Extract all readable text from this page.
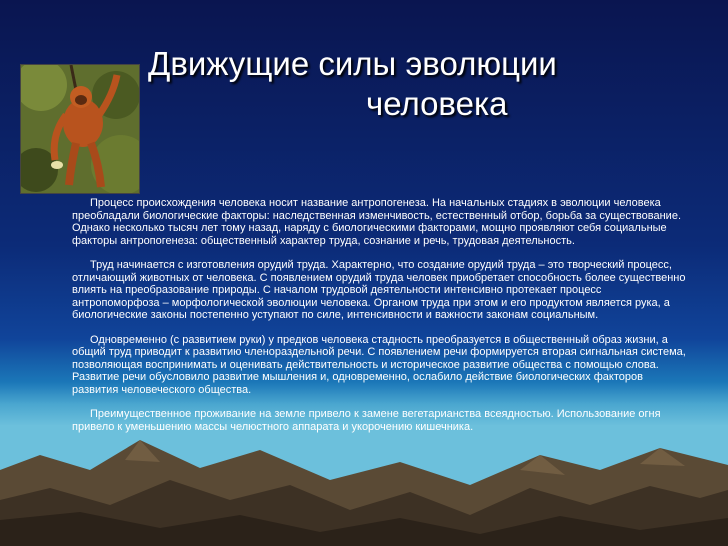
Движущие силы эволюции
человека

Процесс происхождения человека носит название антропогенеза. На начальных стадиях в эволюции человека преобладали биологические факторы: наследственная изменчивость, естественный отбор, борьба за существование. Однако несколько тысяч лет тому назад, наряду с биологическими факторами, мощно проявляют себя социальные факторы антропогенеза: общественный характер труда, сознание и речь, трудовая деятельность.

Труд начинается с изготовления орудий труда. Характерно, что создание орудий труда – это творческий процесс, отличающий животных от человека. С появлением орудий труда человек приобретает способность более существенно влиять на преобразование природы. С началом трудовой деятельности интенсивно протекает процесс антропоморфоза – морфологической эволюции человека. Органом труда при этом и его продуктом является рука, а биологические законы постепенно уступают по силе, интенсивности и важности законам социальным.

Одновременно (с развитием руки) у предков человека стадность преобразуется в общественный образ жизни, а общий труд приводит к развитию членораздельной речи. С появлением речи формируется вторая сигнальная система, позволяющая воспринимать и оценивать действительность и историческое развитие общества с помощью слова. Развитие речи обусловило развитие мышления и, одновременно, ослабило действие биологических факторов развития человеческого общества.

Преимущественное проживание на земле привело к замене вегетарианства всеядностью. Использование огня привело к уменьшению массы челюстного аппарата и укорочению кишечника.
